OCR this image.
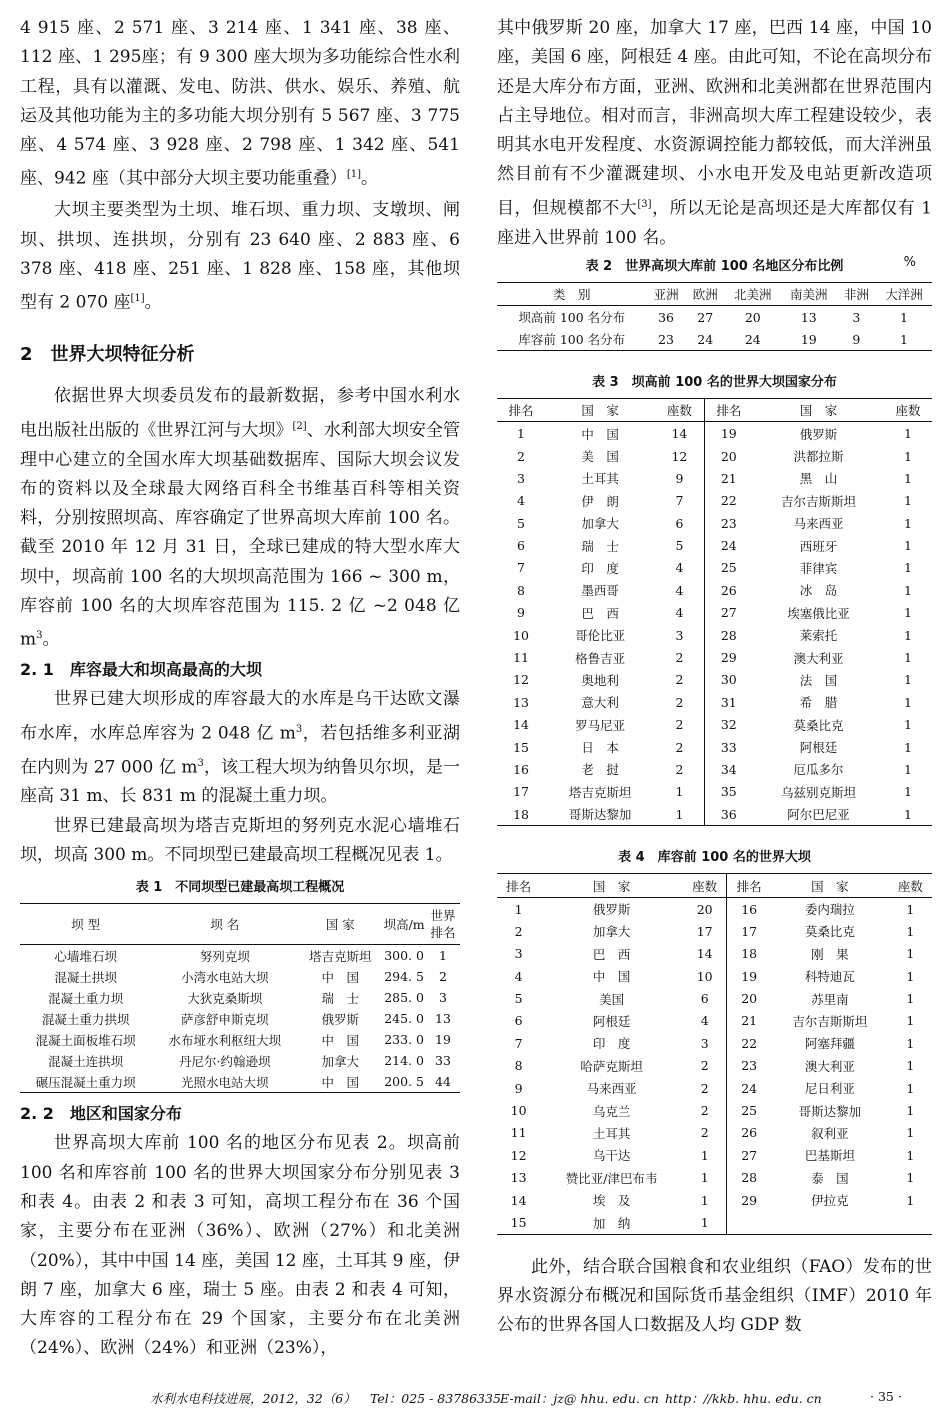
4 915 座、2 571 座、3 214 座、1 341 座、38 座、112 座、1 295座；有 9 300 座大坝为多功能综合性水利工程，具有以灌溉、发电、防洪、供水、娱乐、养殖、航运及其他功能为主的多功能大坝分别有 5 567 座、3 775 座、4 574 座、3 928 座、2 798 座、1 342 座、541 座、942 座（其中部分大坝主要功能重叠）[1]。

大坝主要类型为土坝、堆石坝、重力坝、支墩坝、闸坝、拱坝、连拱坝，分别有 23 640 座、2 883 座、6 378 座、418 座、251 座、1 828 座、158 座，其他坝型有 2 070 座[1]。

2　世界大坝特征分析

依据世界大坝委员发布的最新数据，参考中国水利水电出版社出版的《世界江河与大坝》[2]、水利部大坝安全管理中心建立的全国水库大坝基础数据库、国际大坝会议发布的资料以及全球最大网络百科全书维基百科等相关资料，分别按照坝高、库容确定了世界高坝大库前 100 名。截至 2010 年 12 月 31 日，全球已建成的特大型水库大坝中，坝高前 100 名的大坝坝高范围为 166 ~ 300 m，库容前 100 名的大坝库容范围为 115. 2 亿 ~2 048 亿 $m^3$。

2. 1　库容最大和坝高最高的大坝

世界已建大坝形成的库容最大的水库是乌干达欧文瀑布水库，水库总库容为 2 048 亿 $m^3$，若包括维多利亚湖在内则为 27 000 亿 $m^3$，该工程大坝为纳鲁贝尔坝，是一座高 31 m、长 831 m 的混凝土重力坝。

世界已建最高坝为塔吉克斯坦的努列克水泥心墙堆石坝，坝高 300 m。不同坝型已建最高坝工程概况见表 1。

表 1　不同坝型已建最高坝工程概况
坝 型	坝 名	国 家	坝高/m	世界排名
心墙堆石坝	努列克坝	塔吉克斯坦	300. 0	1
混凝土拱坝	小湾水电站大坝	中　国	294. 5	2
混凝土重力坝	大狄克桑斯坝	瑞　士	285. 0	3
混凝土重力拱坝	萨彦舒申斯克坝	俄罗斯	245. 0	13
混凝土面板堆石坝	水布垭水利枢纽大坝	中　国	233. 0	19
混凝土连拱坝	丹尼尔·约翰逊坝	加拿大	214. 0	33
碾压混凝土重力坝	光照水电站大坝	中　国	200. 5	44
2. 2　地区和国家分布

世界高坝大库前 100 名的地区分布见表 2。坝高前 100 名和库容前 100 名的世界大坝国家分布分别见表 3 和表 4。由表 2 和表 3 可知，高坝工程分布在 36 个国家，主要分布在亚洲（36%）、欧洲（27%）和北美洲（20%），其中中国 14 座，美国 12 座，土耳其 9 座，伊朗 7 座，加拿大 6 座，瑞士 5 座。由表 2 和表 4 可知，大库容的工程分布在 29 个国家，主要分布在北美洲（24%）、欧洲（24%）和亚洲（23%），

其中俄罗斯 20 座，加拿大 17 座，巴西 14 座，中国 10 座，美国 6 座，阿根廷 4 座。由此可知，不论在高坝分布还是大库分布方面，亚洲、欧洲和北美洲都在世界范围内占主导地位。相对而言，非洲高坝大库工程建设较少，表明其水电开发程度、水资源调控能力都较低，而大洋洲虽然目前有不少灌溉建坝、小水电开发及电站更新改造项目，但规模都不大[3]，所以无论是高坝还是大库都仅有 1 座进入世界前 100 名。

表 2　世界高坝大库前 100 名地区分布比例	%
类　别	亚洲	欧洲	北美洲	南美洲	非洲	大洋洲
坝高前 100 名分布	36	27	20	13	3	1
库容前 100 名分布	23	24	24	19	9	1
表 3　坝高前 100 名的世界大坝国家分布
排名	国　家	座数	排名	国　家	座数
1	中　国	14	19	俄罗斯	1
2	美　国	12	20	洪都拉斯	1
3	土耳其	9	21	黑　山	1
4	伊　朗	7	22	吉尔吉斯斯坦	1
5	加拿大	6	23	马来西亚	1
6	瑞　士	5	24	西班牙	1
7	印　度	4	25	菲律宾	1
8	墨西哥	4	26	冰　岛	1
9	巴　西	4	27	埃塞俄比亚	1
10	哥伦比亚	3	28	莱索托	1
11	格鲁吉亚	2	29	澳大利亚	1
12	奥地利	2	30	法　国	1
13	意大利	2	31	希　腊	1
14	罗马尼亚	2	32	莫桑比克	1
15	日　本	2	33	阿根廷	1
16	老　挝	2	34	厄瓜多尔	1
17	塔吉克斯坦	1	35	乌兹别克斯坦	1
18	哥斯达黎加	1	36	阿尔巴尼亚	1
表 4　库容前 100 名的世界大坝
排名	国　家	座数	排名	国　家	座数
1	俄罗斯	20	16	委内瑞拉	1
2	加拿大	17	17	莫桑比克	1
3	巴　西	14	18	刚　果	1
4	中　国	10	19	科特迪瓦	1
5	美国	6	20	苏里南	1
6	阿根廷	4	21	吉尔吉斯斯坦	1
7	印　度	3	22	阿塞拜疆	1
8	哈萨克斯坦	2	23	澳大利亚	1
9	马来西亚	2	24	尼日利亚	1
10	乌克兰	2	25	哥斯达黎加	1
11	土耳其	2	26	叙利亚	1
12	乌干达	1	27	巴基斯坦	1
13	赞比亚/津巴布韦	1	28	泰　国	1
14	埃　及	1	29	伊拉克	1
15	加　纳	1			

此外，结合联合国粮食和农业组织（FAO）发布的世界水资源分布概况和国际货币基金组织（IMF）2010 年公布的世界各国人口数据及人均 GDP 数

水利水电科技进展，2012，32（6） Tel：025 - 83786335 E-mail：jz@ hhu. edu. cn http：//kkb. hhu. edu. cn	· 35 ·
